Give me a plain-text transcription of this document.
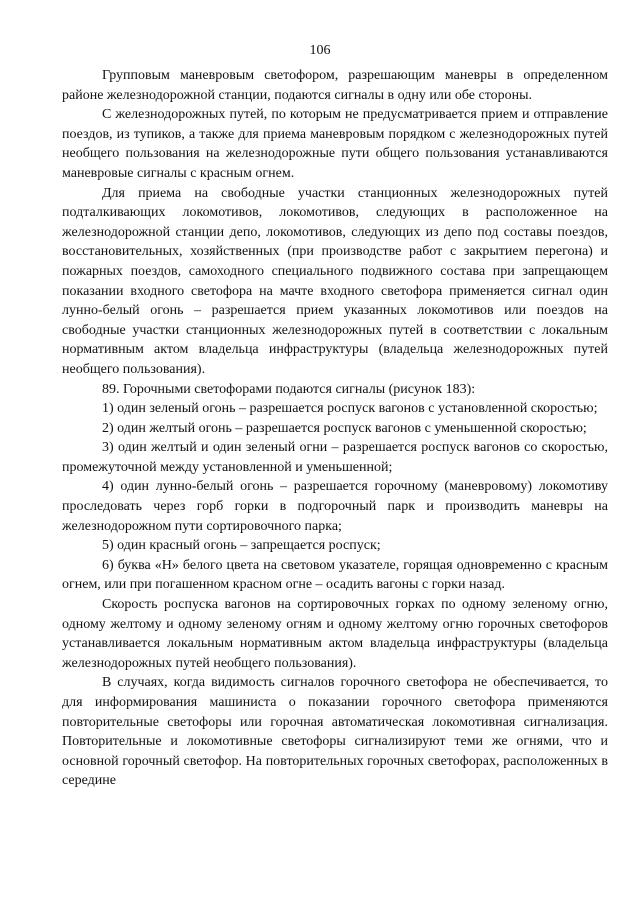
106

Групповым маневровым светофором, разрешающим маневры в определенном районе железнодорожной станции, подаются сигналы в одну или обе стороны.

С железнодорожных путей, по которым не предусматривается прием и отправление поездов, из тупиков, а также для приема маневровым порядком с железнодорожных путей необщего пользования на железнодорожные пути общего пользования устанавливаются маневровые сигналы с красным огнем.

Для приема на свободные участки станционных железнодорожных путей подталкивающих локомотивов, локомотивов, следующих в расположенное на железнодорожной станции депо, локомотивов, следующих из депо под составы поездов, восстановительных, хозяйственных (при производстве работ с закрытием перегона) и пожарных поездов, самоходного специального подвижного состава при запрещающем показании входного светофора на мачте входного светофора применяется сигнал один лунно-белый огонь – разрешается прием указанных локомотивов или поездов на свободные участки станционных железнодорожных путей в соответствии с локальным нормативным актом владельца инфраструктуры (владельца железнодорожных путей необщего пользования).

89. Горочными светофорами подаются сигналы (рисунок 183):

1) один зеленый огонь – разрешается роспуск вагонов с установленной скоростью;

2) один желтый огонь – разрешается роспуск вагонов с уменьшенной скоростью;

3) один желтый и один зеленый огни – разрешается роспуск вагонов со скоростью, промежуточной между установленной и уменьшенной;

4) один лунно-белый огонь – разрешается горочному (маневровому) локомотиву проследовать через горб горки в подгорочный парк и производить маневры на железнодорожном пути сортировочного парка;

5) один красный огонь – запрещается роспуск;

6) буква «Н» белого цвета на световом указателе, горящая одновременно с красным огнем, или при погашенном красном огне – осадить вагоны с горки назад.

Скорость роспуска вагонов на сортировочных горках по одному зеленому огню, одному желтому и одному зеленому огням и одному желтому огню горочных светофоров устанавливается локальным нормативным актом владельца инфраструктуры (владельца железнодорожных путей необщего пользования).

В случаях, когда видимость сигналов горочного светофора не обеспечивается, то для информирования машиниста о показании горочного светофора применяются повторительные светофоры или горочная автоматическая локомотивная сигнализация. Повторительные и локомотивные светофоры сигнализируют теми же огнями, что и основной горочный светофор. На повторительных горочных светофорах, расположенных в середине
